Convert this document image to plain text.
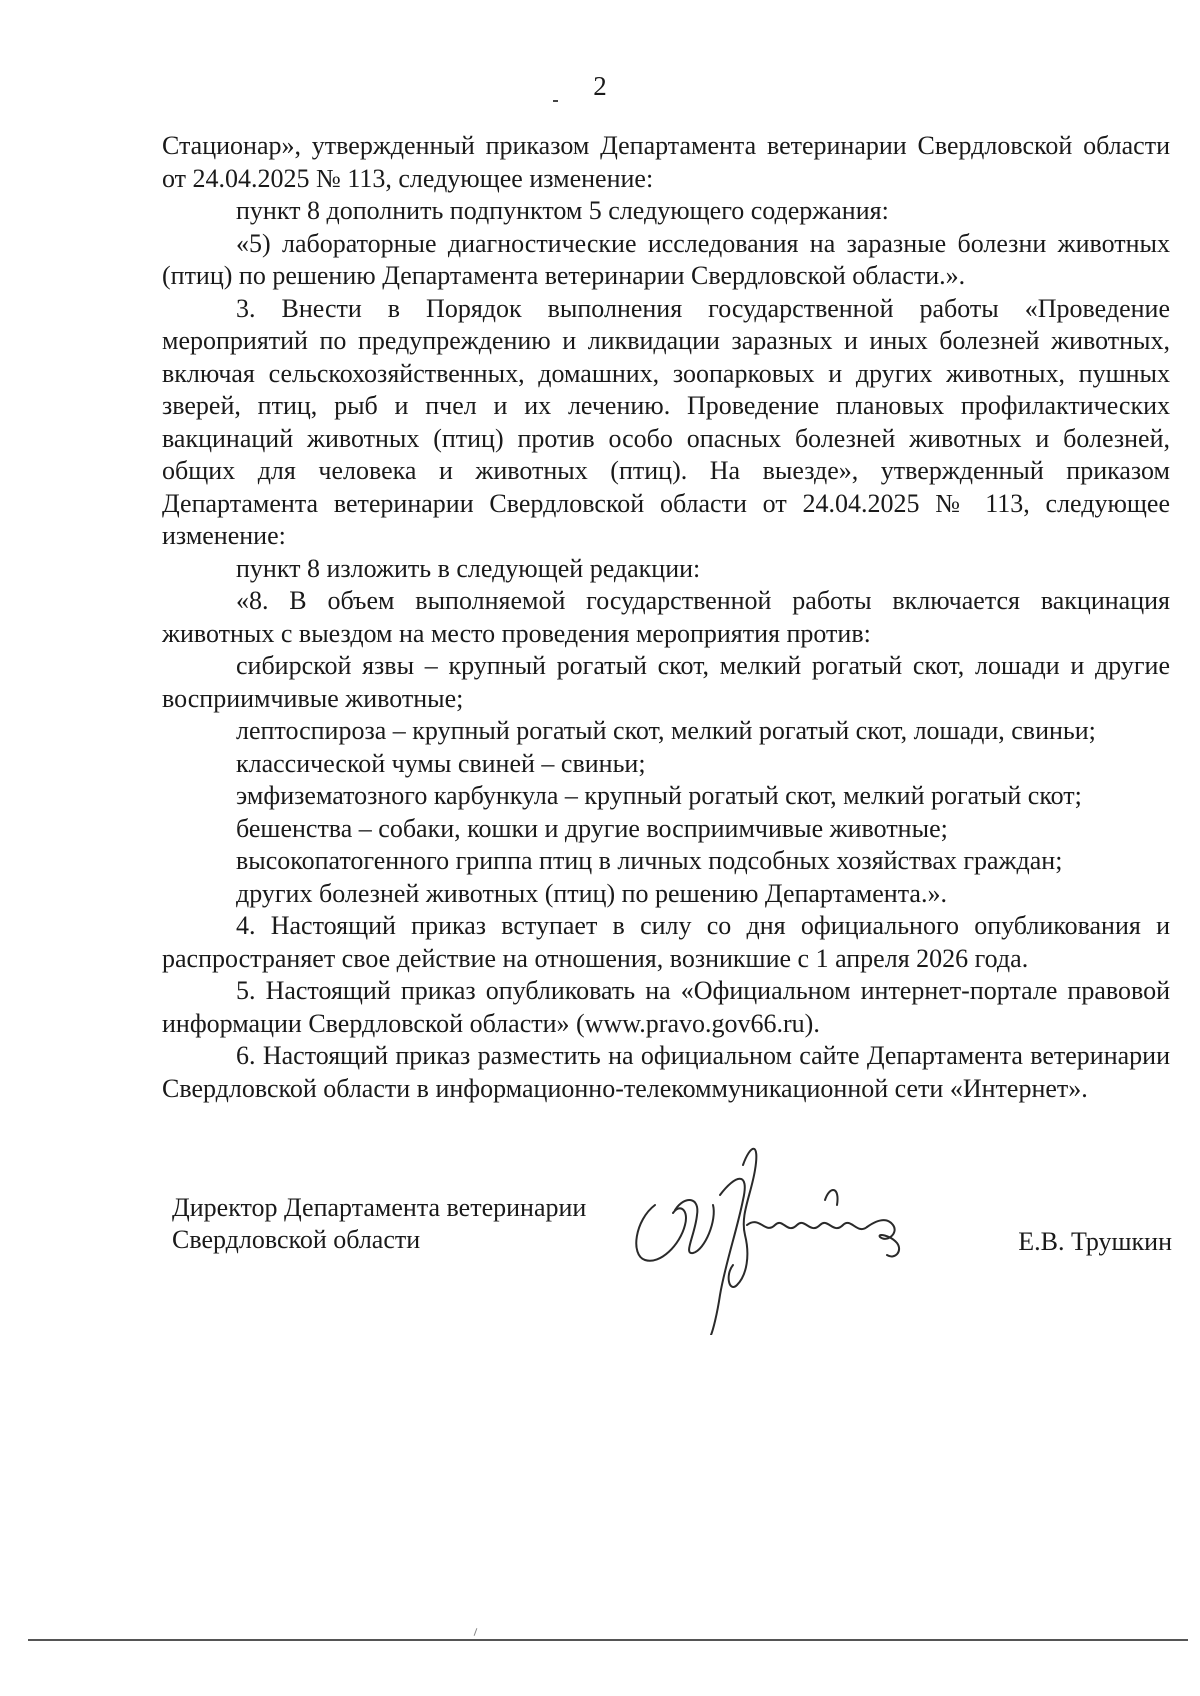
2

Стационар», утвержденный приказом Департамента ветеринарии Свердловской области от 24.04.2025 № 113, следующее изменение:

пункт 8 дополнить подпунктом 5 следующего содержания:

«5) лабораторные диагностические исследования на заразные болезни животных (птиц) по решению Департамента ветеринарии Свердловской области.».

3. Внести в Порядок выполнения государственной работы «Проведение мероприятий по предупреждению и ликвидации заразных и иных болезней животных, включая сельскохозяйственных, домашних, зоопарковых и других животных, пушных зверей, птиц, рыб и пчел и их лечению. Проведение плановых профилактических вакцинаций животных (птиц) против особо опасных болезней животных и болезней, общих для человека и животных (птиц). На выезде», утвержденный приказом Департамента ветеринарии Свердловской области от 24.04.2025 № 113, следующее изменение:

пункт 8 изложить в следующей редакции:

«8. В объем выполняемой государственной работы включается вакцинация животных с выездом на место проведения мероприятия против:

сибирской язвы – крупный рогатый скот, мелкий рогатый скот, лошади и другие восприимчивые животные;

лептоспироза – крупный рогатый скот, мелкий рогатый скот, лошади, свиньи;

классической чумы свиней – свиньи;

эмфизематозного карбункула – крупный рогатый скот, мелкий рогатый скот;

бешенства – собаки, кошки и другие восприимчивые животные;

высокопатогенного гриппа птиц в личных подсобных хозяйствах граждан;

других болезней животных (птиц) по решению Департамента.».

4. Настоящий приказ вступает в силу со дня официального опубликования и распространяет свое действие на отношения, возникшие с 1 апреля 2026 года.

5. Настоящий приказ опубликовать на «Официальном интернет-портале правовой информации Свердловской области» (www.pravo.gov66.ru).

6. Настоящий приказ разместить на официальном сайте Департамента ветеринарии Свердловской области в информационно-телекоммуникационной сети «Интернет».

Директор Департамента ветеринарии
Свердловской области	Е.В. Трушкин
